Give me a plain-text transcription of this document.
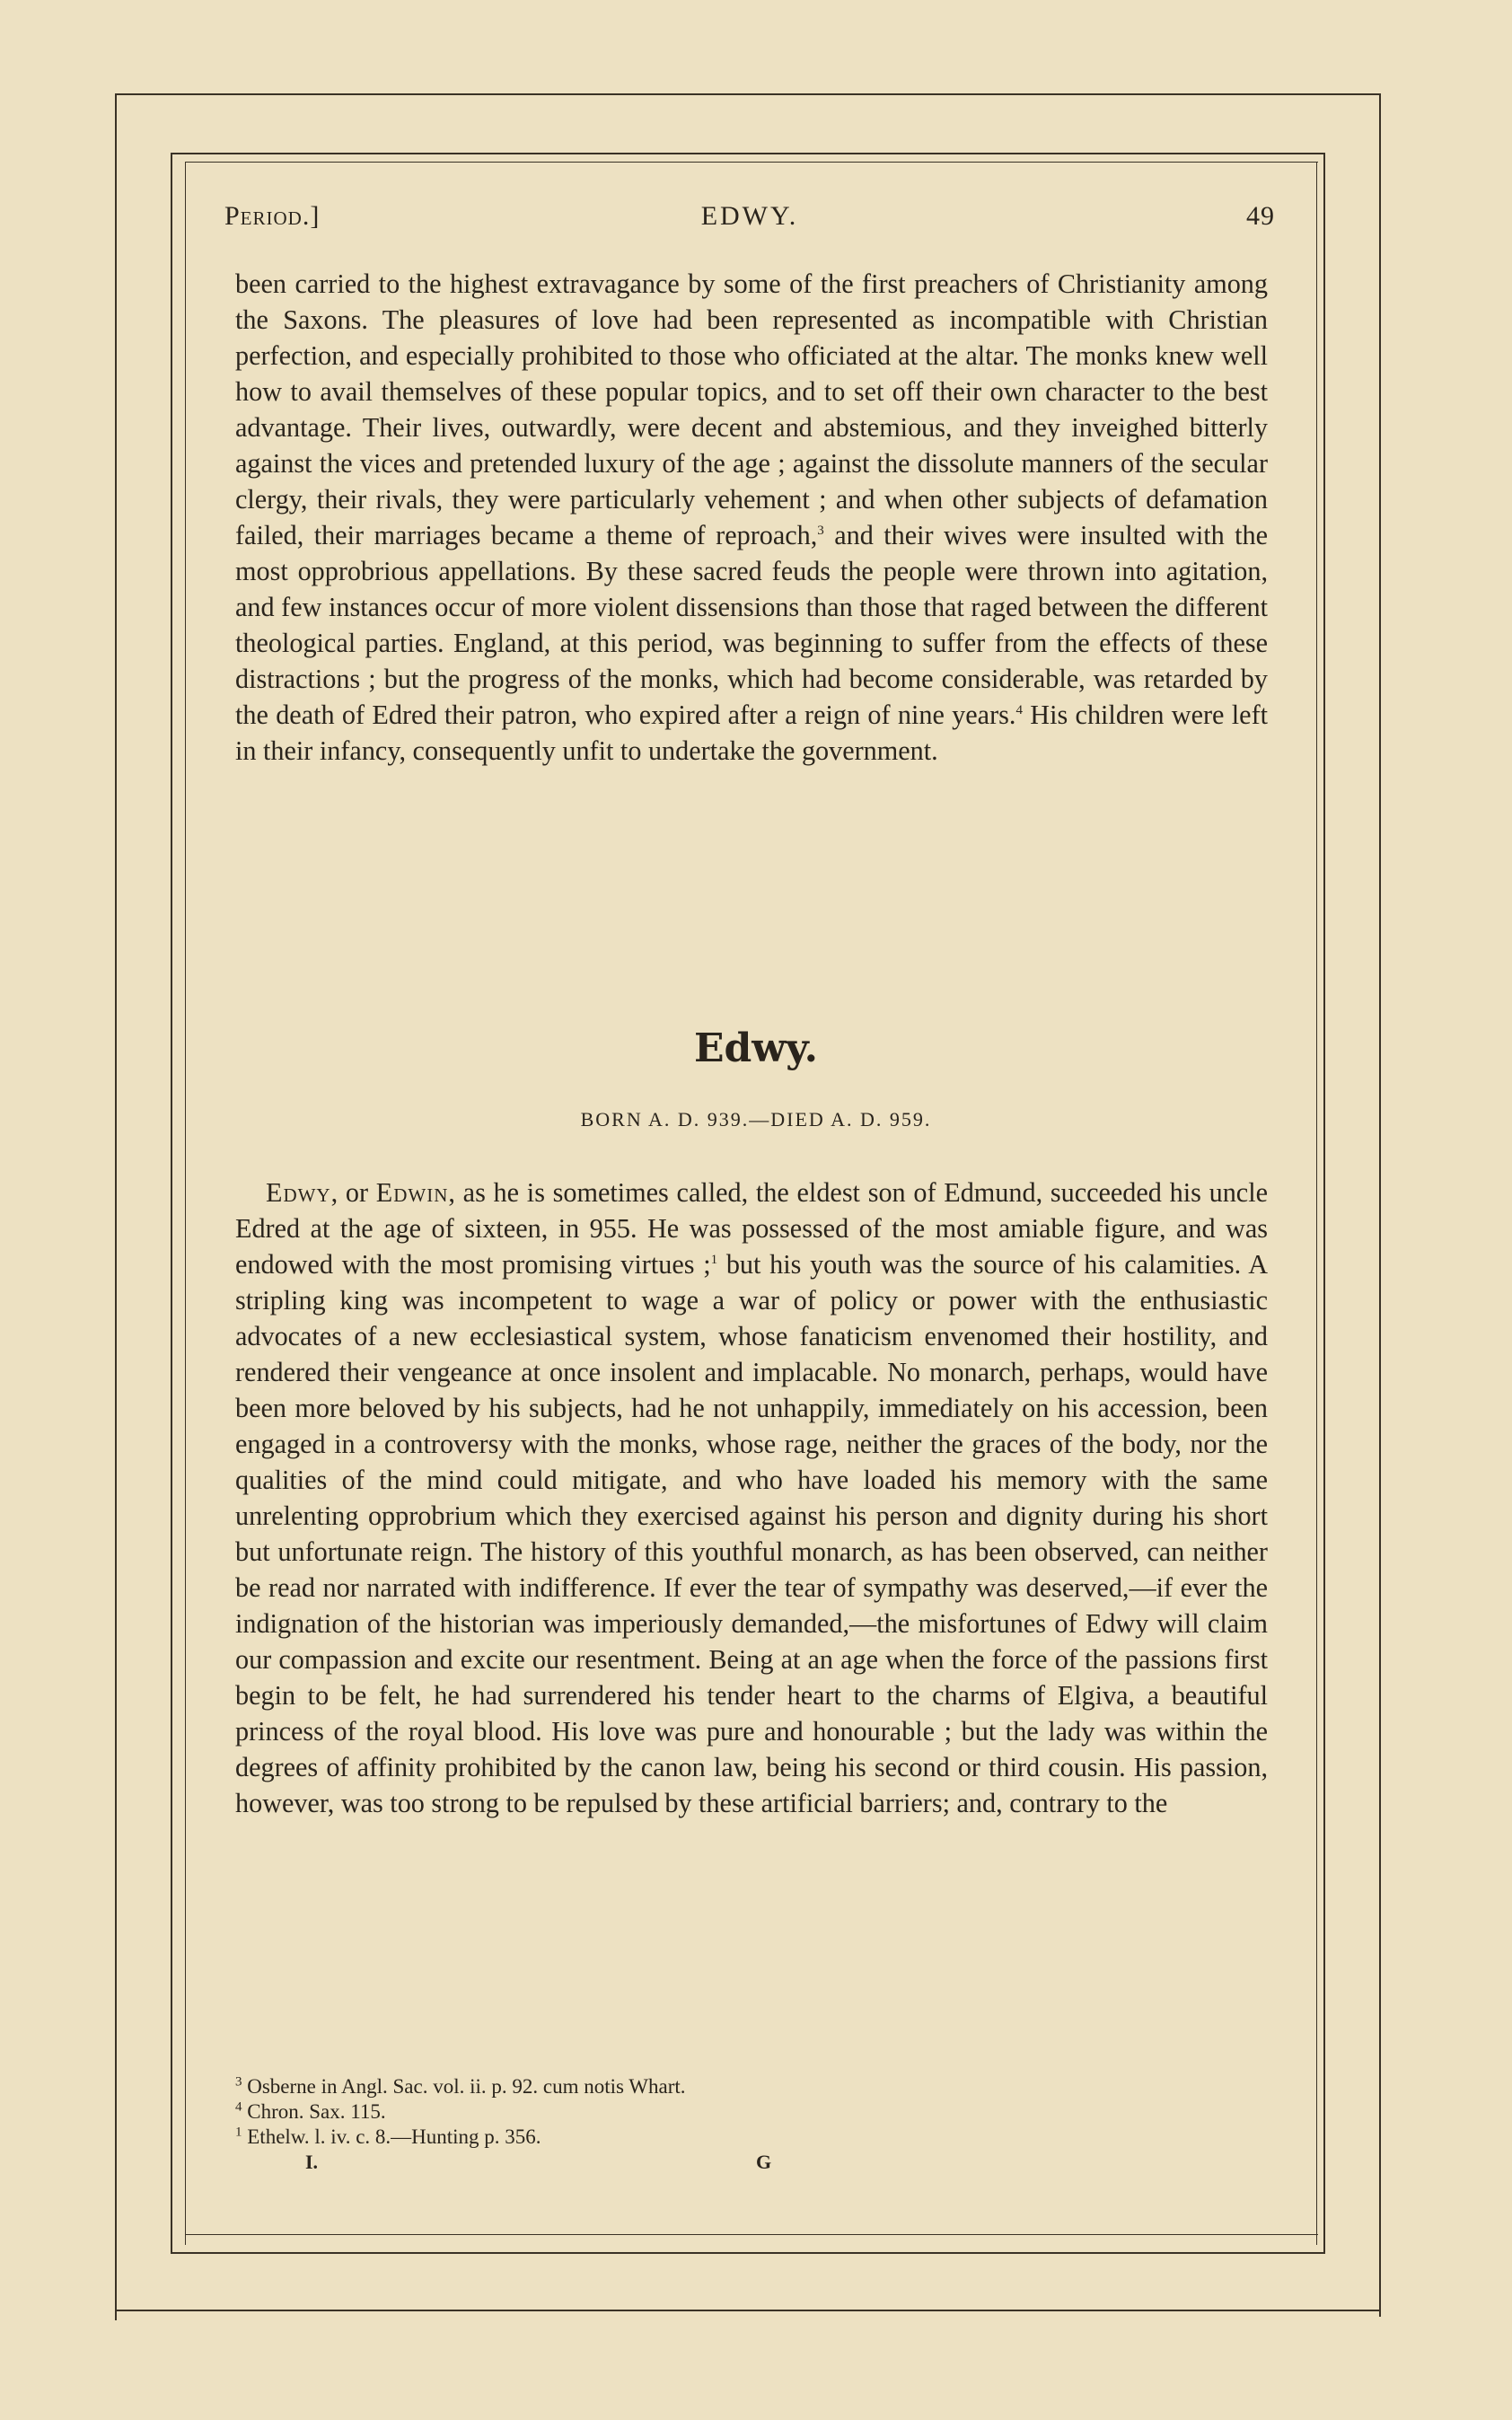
Period.]	EDWY.	49

been carried to the highest extravagance by some of the first preachers of Christianity among the Saxons. The pleasures of love had been represented as incompatible with Christian perfection, and especially prohibited to those who officiated at the altar. The monks knew well how to avail themselves of these popular topics, and to set off their own character to the best advantage. Their lives, outwardly, were decent and abstemious, and they inveighed bitterly against the vices and pretended luxury of the age ; against the dissolute manners of the secular clergy, their rivals, they were particularly vehement ; and when other subjects of defamation failed, their marriages became a theme of reproach,$^3$ and their wives were insulted with the most opprobrious appellations. By these sacred feuds the people were thrown into agitation, and few instances occur of more violent dissensions than those that raged between the different theological parties. England, at this period, was beginning to suffer from the effects of these distractions ; but the progress of the monks, which had become considerable, was retarded by the death of Edred their patron, who expired after a reign of nine years.$^4$ His children were left in their infancy, consequently unfit to undertake the government.

Edwy.
BORN A. D. 939.—DIED A. D. 959.

Edwy, or Edwin, as he is sometimes called, the eldest son of Edmund, succeeded his uncle Edred at the age of sixteen, in 955. He was possessed of the most amiable figure, and was endowed with the most promising virtues ;$^1$ but his youth was the source of his calamities. A stripling king was incompetent to wage a war of policy or power with the enthusiastic advocates of a new ecclesiastical system, whose fanaticism envenomed their hostility, and rendered their vengeance at once insolent and implacable. No monarch, perhaps, would have been more beloved by his subjects, had he not unhappily, immediately on his accession, been engaged in a controversy with the monks, whose rage, neither the graces of the body, nor the qualities of the mind could mitigate, and who have loaded his memory with the same unrelenting opprobrium which they exercised against his person and dignity during his short but unfortunate reign. The history of this youthful monarch, as has been observed, can neither be read nor narrated with indifference. If ever the tear of sympathy was deserved,—if ever the indignation of the historian was imperiously demanded,—the misfortunes of Edwy will claim our compassion and excite our resentment. Being at an age when the force of the passions first begin to be felt, he had surrendered his tender heart to the charms of Elgiva, a beautiful princess of the royal blood. His love was pure and honourable ; but the lady was within the degrees of affinity prohibited by the canon law, being his second or third cousin. His passion, however, was too strong to be repulsed by these artificial barriers; and, contrary to the

$^3$ Osberne in Angl. Sac. vol. ii. p. 92. cum notis Whart.

$^4$ Chron. Sax. 115.

$^1$ Ethelw. l. iv. c. 8.—Hunting p. 356.

I.	G
